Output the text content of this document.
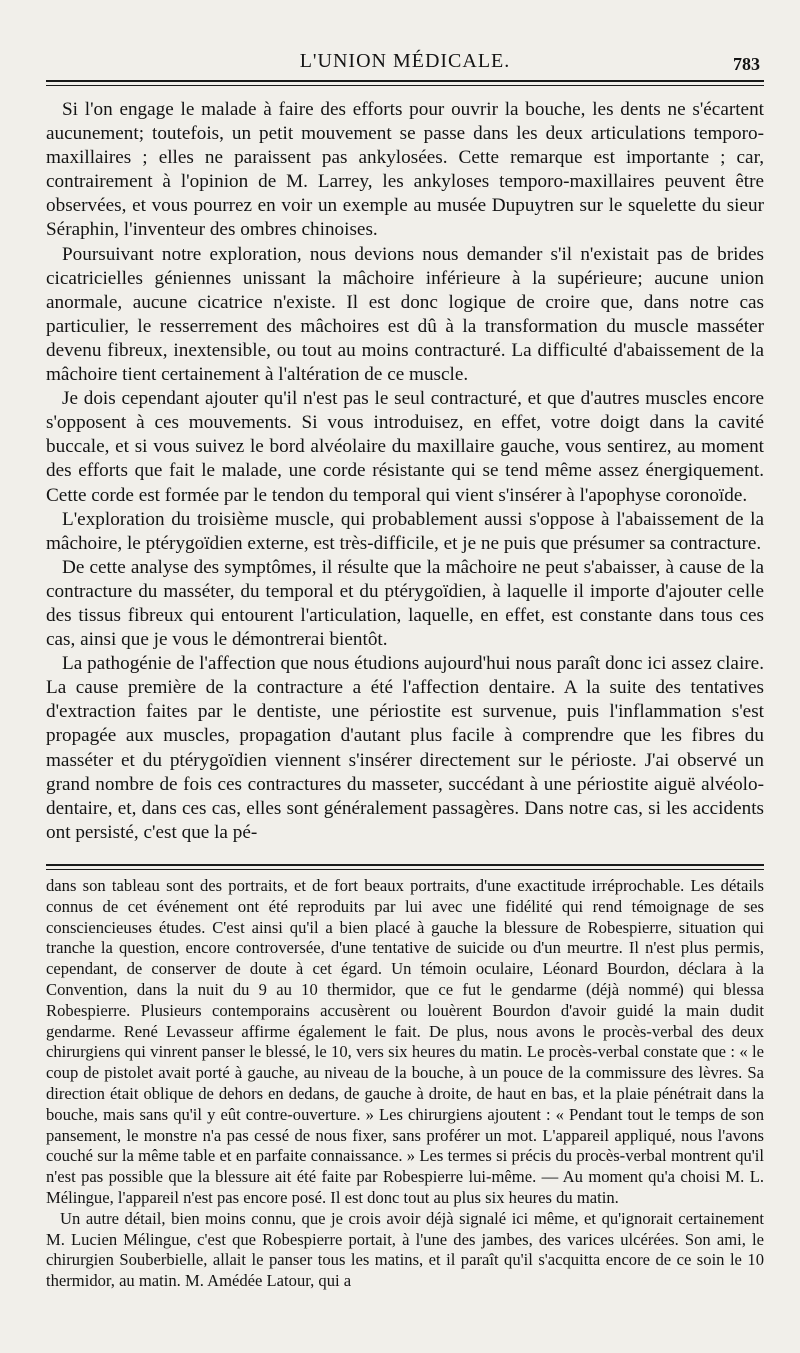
L'UNION MÉDICALE.	783

Si l'on engage le malade à faire des efforts pour ouvrir la bouche, les dents ne s'écartent aucunement; toutefois, un petit mouvement se passe dans les deux articulations temporo-maxillaires ; elles ne paraissent pas ankylosées. Cette remarque est importante ; car, contrairement à l'opinion de M. Larrey, les ankyloses temporo-maxillaires peuvent être observées, et vous pourrez en voir un exemple au musée Dupuytren sur le squelette du sieur Séraphin, l'inventeur des ombres chinoises.

Poursuivant notre exploration, nous devions nous demander s'il n'existait pas de brides cicatricielles géniennes unissant la mâchoire inférieure à la supérieure; aucune union anormale, aucune cicatrice n'existe. Il est donc logique de croire que, dans notre cas particulier, le resserrement des mâchoires est dû à la transformation du muscle masséter devenu fibreux, inextensible, ou tout au moins contracturé. La difficulté d'abaissement de la mâchoire tient certainement à l'altération de ce muscle.

Je dois cependant ajouter qu'il n'est pas le seul contracturé, et que d'autres muscles encore s'opposent à ces mouvements. Si vous introduisez, en effet, votre doigt dans la cavité buccale, et si vous suivez le bord alvéolaire du maxillaire gauche, vous sentirez, au moment des efforts que fait le malade, une corde résistante qui se tend même assez énergiquement. Cette corde est formée par le tendon du temporal qui vient s'insérer à l'apophyse coronoïde.

L'exploration du troisième muscle, qui probablement aussi s'oppose à l'abaissement de la mâchoire, le ptérygoïdien externe, est très-difficile, et je ne puis que présumer sa contracture.

De cette analyse des symptômes, il résulte que la mâchoire ne peut s'abaisser, à cause de la contracture du masséter, du temporal et du ptérygoïdien, à laquelle il importe d'ajouter celle des tissus fibreux qui entourent l'articulation, laquelle, en effet, est constante dans tous ces cas, ainsi que je vous le démontrerai bientôt.

La pathogénie de l'affection que nous étudions aujourd'hui nous paraît donc ici assez claire. La cause première de la contracture a été l'affection dentaire. A la suite des tentatives d'extraction faites par le dentiste, une périostite est survenue, puis l'inflammation s'est propagée aux muscles, propagation d'autant plus facile à comprendre que les fibres du masséter et du ptérygoïdien viennent s'insérer directement sur le périoste. J'ai observé un grand nombre de fois ces contractures du masseter, succédant à une périostite aiguë alvéolo-dentaire, et, dans ces cas, elles sont généralement passagères. Dans notre cas, si les accidents ont persisté, c'est que la pé-

dans son tableau sont des portraits, et de fort beaux portraits, d'une exactitude irréprochable. Les détails connus de cet événement ont été reproduits par lui avec une fidélité qui rend témoignage de ses consciencieuses études. C'est ainsi qu'il a bien placé à gauche la blessure de Robespierre, situation qui tranche la question, encore controversée, d'une tentative de suicide ou d'un meurtre. Il n'est plus permis, cependant, de conserver de doute à cet égard. Un témoin oculaire, Léonard Bourdon, déclara à la Convention, dans la nuit du 9 au 10 thermidor, que ce fut le gendarme (déjà nommé) qui blessa Robespierre. Plusieurs contemporains accusèrent ou louèrent Bourdon d'avoir guidé la main dudit gendarme. René Levasseur affirme également le fait. De plus, nous avons le procès-verbal des deux chirurgiens qui vinrent panser le blessé, le 10, vers six heures du matin. Le procès-verbal constate que : « le coup de pistolet avait porté à gauche, au niveau de la bouche, à un pouce de la commissure des lèvres. Sa direction était oblique de dehors en dedans, de gauche à droite, de haut en bas, et la plaie pénétrait dans la bouche, mais sans qu'il y eût contre-ouverture. » Les chirurgiens ajoutent : « Pendant tout le temps de son pansement, le monstre n'a pas cessé de nous fixer, sans proférer un mot. L'appareil appliqué, nous l'avons couché sur la même table et en parfaite connaissance. » Les termes si précis du procès-verbal montrent qu'il n'est pas possible que la blessure ait été faite par Robespierre lui-même. — Au moment qu'a choisi M. L. Mélingue, l'appareil n'est pas encore posé. Il est donc tout au plus six heures du matin.

Un autre détail, bien moins connu, que je crois avoir déjà signalé ici même, et qu'ignorait certainement M. Lucien Mélingue, c'est que Robespierre portait, à l'une des jambes, des varices ulcérées. Son ami, le chirurgien Souberbielle, allait le panser tous les matins, et il paraît qu'il s'acquitta encore de ce soin le 10 thermidor, au matin. M. Amédée Latour, qui a
